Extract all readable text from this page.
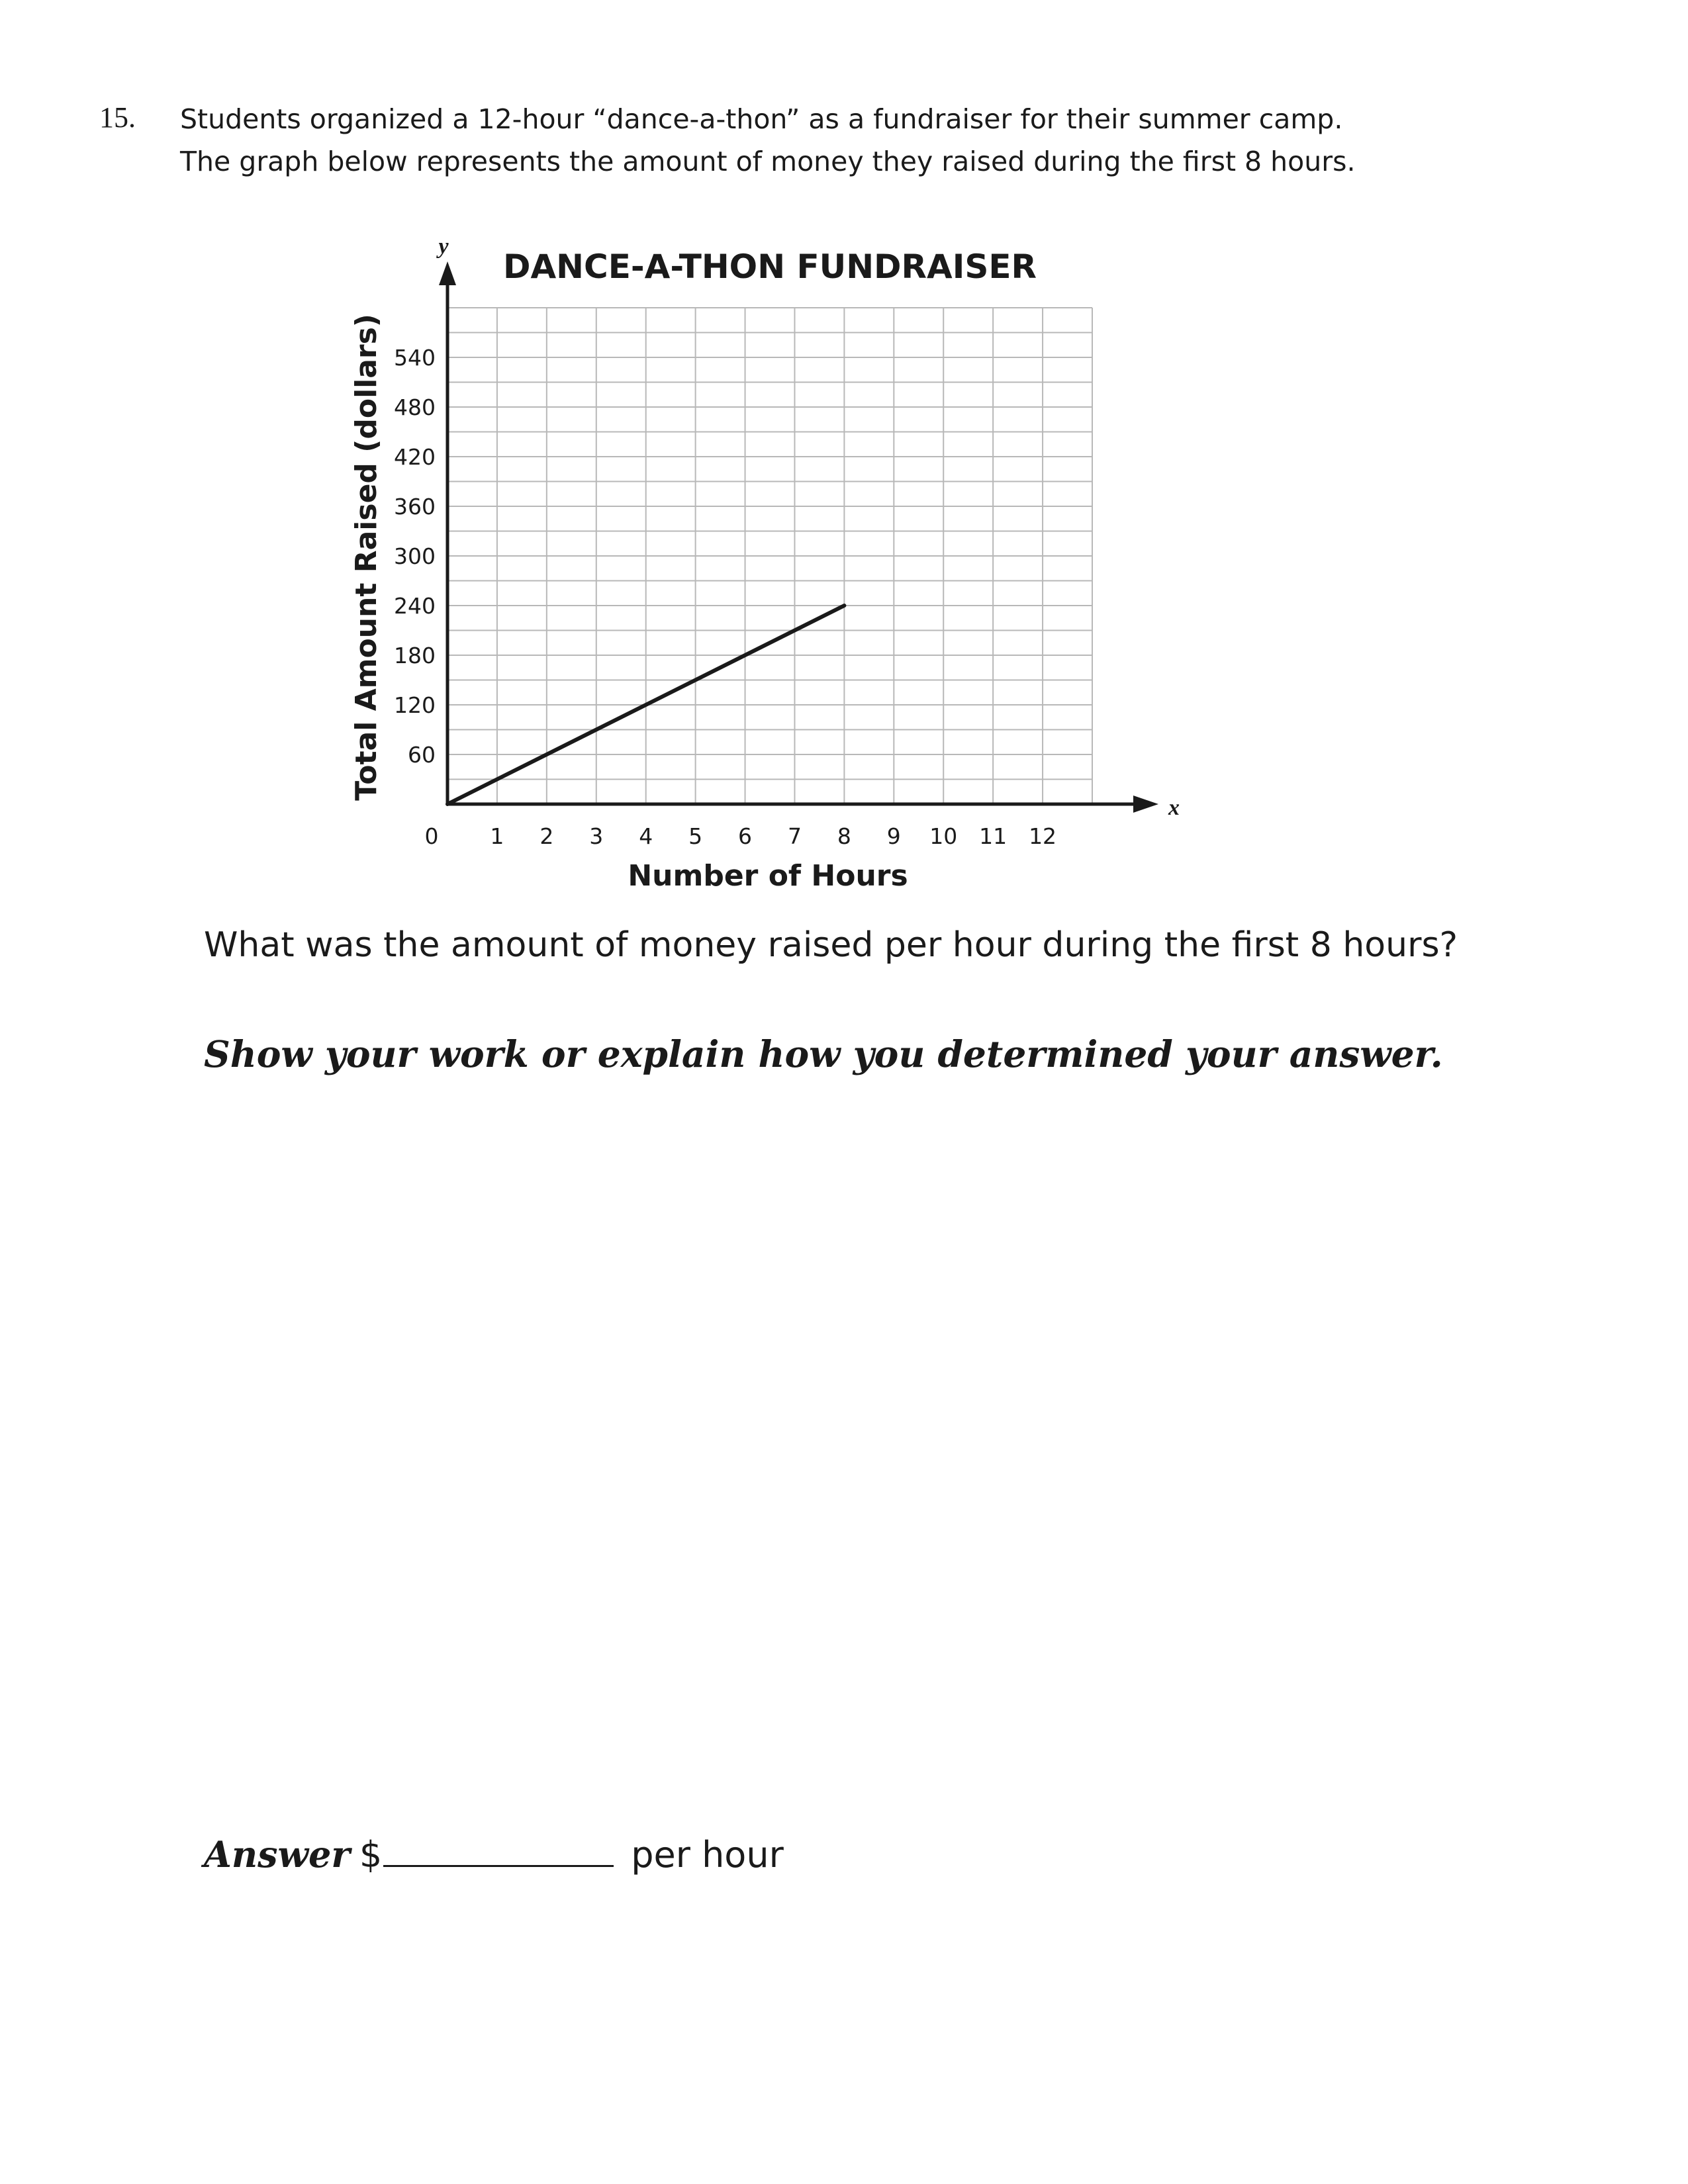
15. Students organized a 12-hour “dance-a-thon” as a fundraiser for their summer camp.
The graph below represents the amount of money they raised during the first 8 hours.
x
y
1 2 3 4 5 6 7 8 9 10 11 12
0
60
120
180
240
300
360
420
480
540
DANCE-A-THON FUNDRAISER
Number of Hours
Total Amount Raised (dollars)
What was the amount of money raised per hour during the first 8 hours?
Show your work or explain how you determined your answer.
Answer $	per hour
